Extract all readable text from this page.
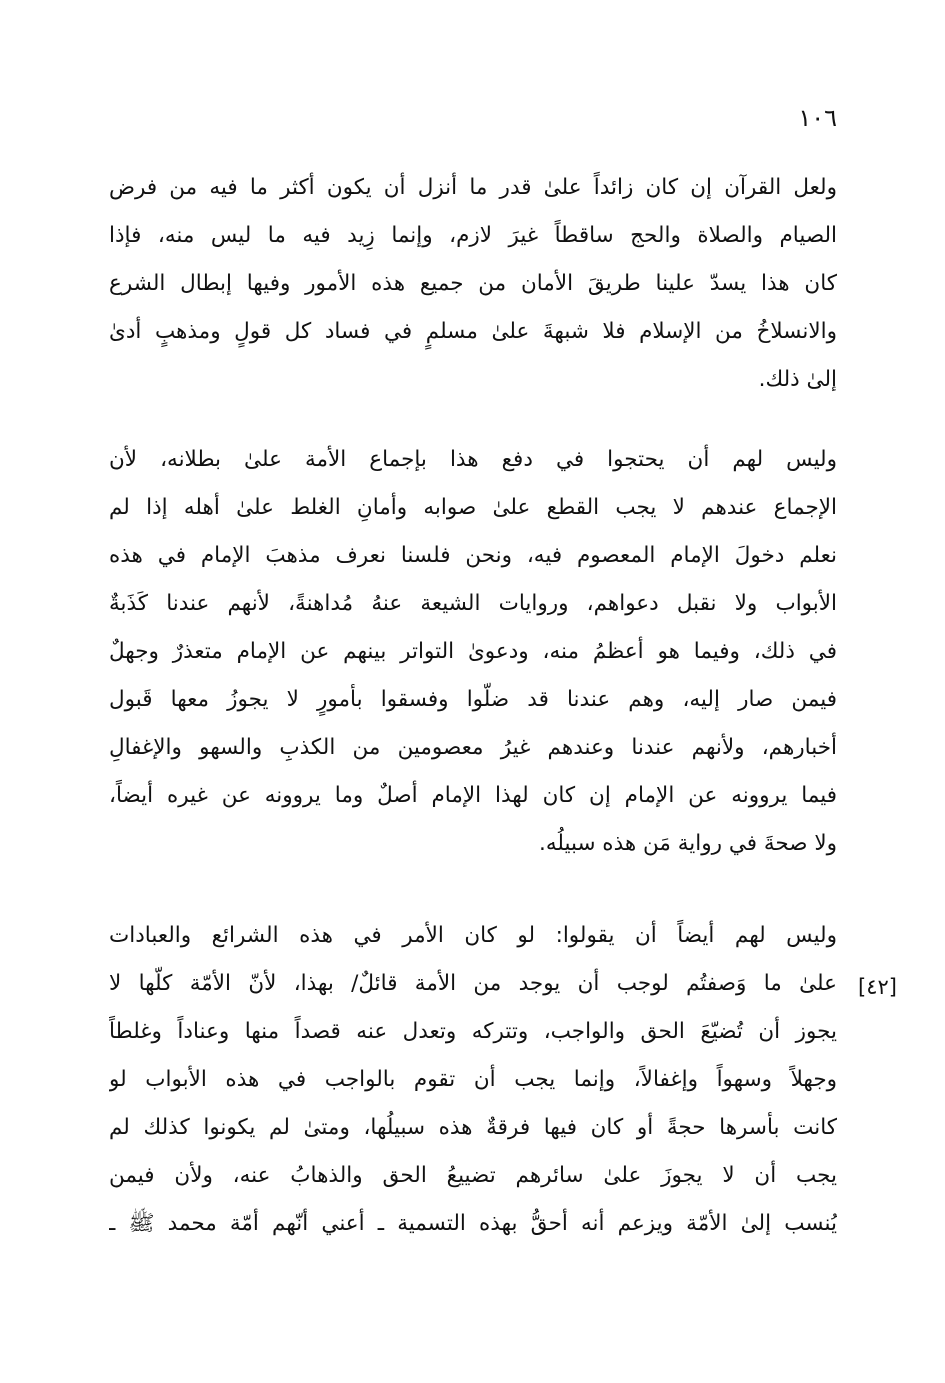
١٠٦
[٤٢]
ولعل القرآن إن كان زائداً علىٰ قدر ما أنزل أن يكون أكثر ما فيه من فرض
الصيام والصلاة والحج ساقطاً غيرَ لازم، وإنما زِيد فيه ما ليس منه، فإذا
كان هذا يسدّ علينا طريقَ الأمان من جميع هذه الأمور وفيها إبطال الشرع
والانسلاخُ من الإسلام فلا شبهةَ علىٰ مسلمٍ في فساد كل قولٍ ومذهبٍ أدىٰ
إلىٰ ذلك.
وليس لهم أن يحتجوا في دفع هذا بإجماع الأمة علىٰ بطلانه، لأن
الإجماع عندهم لا يجب القطع علىٰ صوابه وأمانِ الغلط علىٰ أهله إذا لم
نعلم دخولَ الإمام المعصوم فيه، ونحن فلسنا نعرف مذهبَ الإمام في هذه
الأبواب ولا نقبل دعواهم، وروايات الشيعة عنهُ مُداهنةً، لأنهم عندنا كَذَبةٌ
في ذلك، وفيما هو أعظمُ منه، ودعوىٰ التواتر بينهم عن الإمام متعذرٌ وجهلٌ
فيمن صار إليه، وهم عندنا قد ضلّوا وفسقوا بأمورٍ لا يجوزُ معها قَبول
أخبارهم، ولأنهم عندنا وعندهم غيرُ معصومين من الكذبِ والسهو والإغفالِ
فيما يروونه عن الإمام إن كان لهذا الإمام أصلٌ وما يروونه عن غيره أيضاً،
ولا صحةَ في رواية مَن هذه سبيلُه.
وليس لهم أيضاً أن يقولوا: لو كان الأمر في هذه الشرائع والعبادات
علىٰ ما وَصفتُم لوجب أن يوجد من الأمة قائلٌ/ بهذا، لأنّ الأمّة كلّها لا
يجوز أن تُضيّعَ الحق والواجب، وتتركه وتعدل عنه قصداً منها وعناداً وغلطاً
وجهلاً وسهواً وإغفالاً، وإنما يجب أن تقوم بالواجب في هذه الأبواب لو
كانت بأسرها حجةً أو كان فيها فرقةٌ هذه سبيلُها، ومتىٰ لم يكونوا كذلك لم
يجب أن لا يجوزَ علىٰ سائرهم تضييعُ الحق والذهابُ عنه، ولأن فيمن
يُنسب إلىٰ الأمّة ويزعم أنه أحقُّ بهذه التسمية ـ أعني أنّهم أمّة محمد ﷺ ـ
